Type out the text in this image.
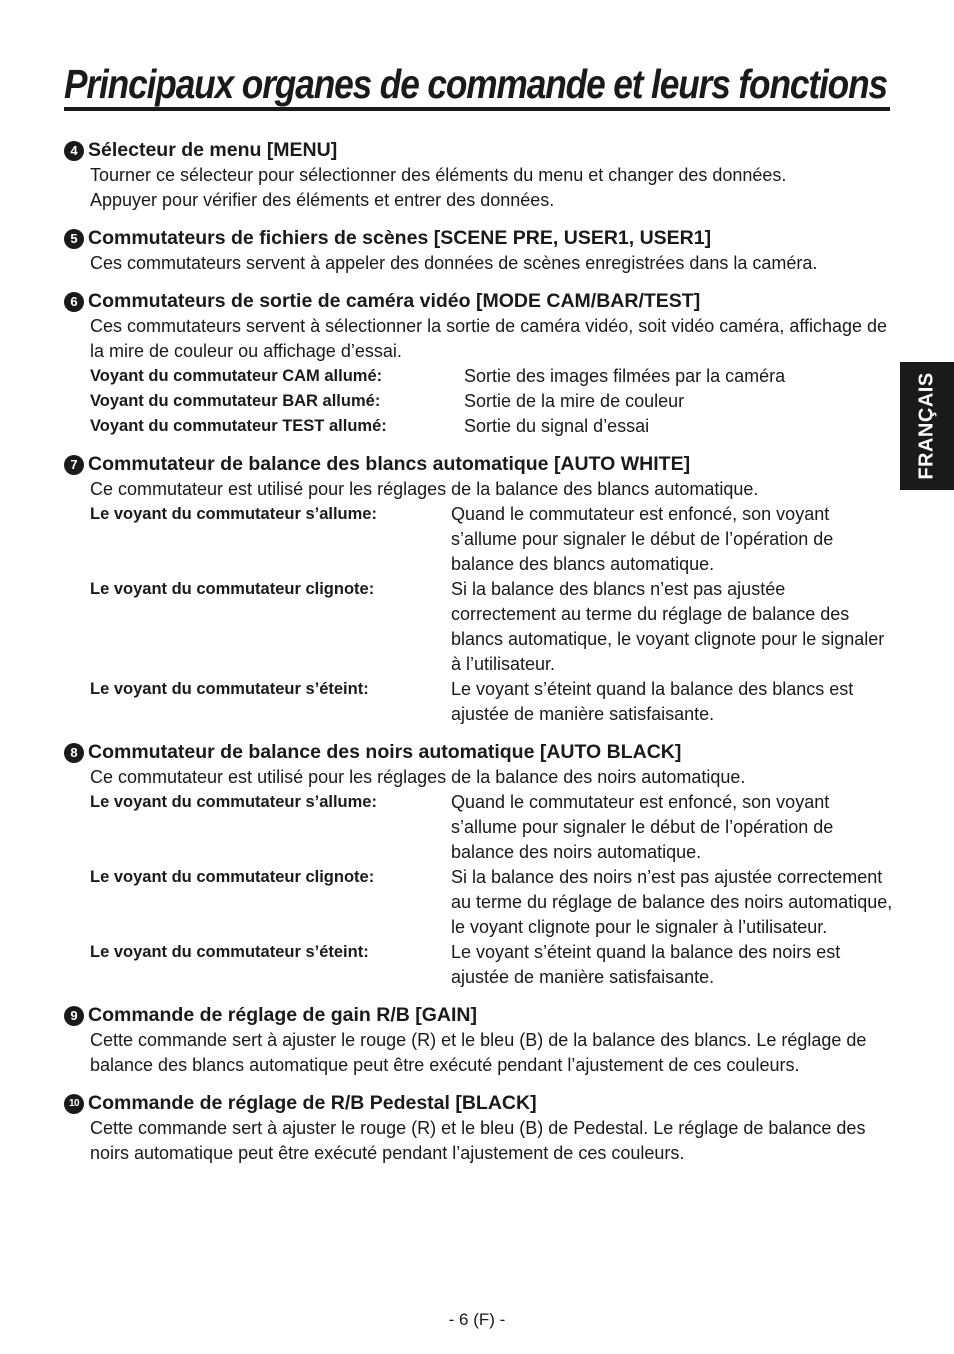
Principaux organes de commande et leurs fonctions
FRANÇAIS
4 Sélecteur de menu [MENU]

Tourner ce sélecteur pour sélectionner des éléments du menu et changer des données.

Appuyer pour vérifier des éléments et entrer des données.

5 Commutateurs de fichiers de scènes [SCENE PRE, USER1, USER1]

Ces commutateurs servent à appeler des données de scènes enregistrées dans la caméra.

6 Commutateurs de sortie de caméra vidéo [MODE CAM/BAR/TEST]

Ces commutateurs servent à sélectionner la sortie de caméra vidéo, soit vidéo caméra, affichage de la mire de couleur ou affichage d’essai.

Voyant du commutateur CAM allumé:	Sortie des images filmées par la caméra
Voyant du commutateur BAR allumé:	Sortie de la mire de couleur
Voyant du commutateur TEST allumé:	Sortie du signal d’essai
7 Commutateur de balance des blancs automatique [AUTO WHITE]

Ce commutateur est utilisé pour les réglages de la balance des blancs automatique.

Le voyant du commutateur s’allume:	Quand le commutateur est enfoncé, son voyant s’allume pour signaler le début de l’opération de balance des blancs automatique.
Le voyant du commutateur clignote:	Si la balance des blancs n’est pas ajustée correctement au terme du réglage de balance des blancs automatique, le voyant clignote pour le signaler à l’utilisateur.
Le voyant du commutateur s’éteint:	Le voyant s’éteint quand la balance des blancs est ajustée de manière satisfaisante.
8 Commutateur de balance des noirs automatique [AUTO BLACK]

Ce commutateur est utilisé pour les réglages de la balance des noirs automatique.

Le voyant du commutateur s’allume:	Quand le commutateur est enfoncé, son voyant s’allume pour signaler le début de l’opération de balance des noirs automatique.
Le voyant du commutateur clignote:	Si la balance des noirs n’est pas ajustée correctement au terme du réglage de balance des noirs automatique, le voyant clignote pour le signaler à l’utilisateur.
Le voyant du commutateur s’éteint:	Le voyant s’éteint quand la balance des noirs est ajustée de manière satisfaisante.
9 Commande de réglage de gain R/B [GAIN]

Cette commande sert à ajuster le rouge (R) et le bleu (B) de la balance des blancs. Le réglage de balance des blancs automatique peut être exécuté pendant l’ajustement de ces couleurs.

10 Commande de réglage de R/B Pedestal [BLACK]

Cette commande sert à ajuster le rouge (R) et le bleu (B) de Pedestal. Le réglage de balance des noirs automatique peut être exécuté pendant l’ajustement de ces couleurs.

- 6 (F) -
